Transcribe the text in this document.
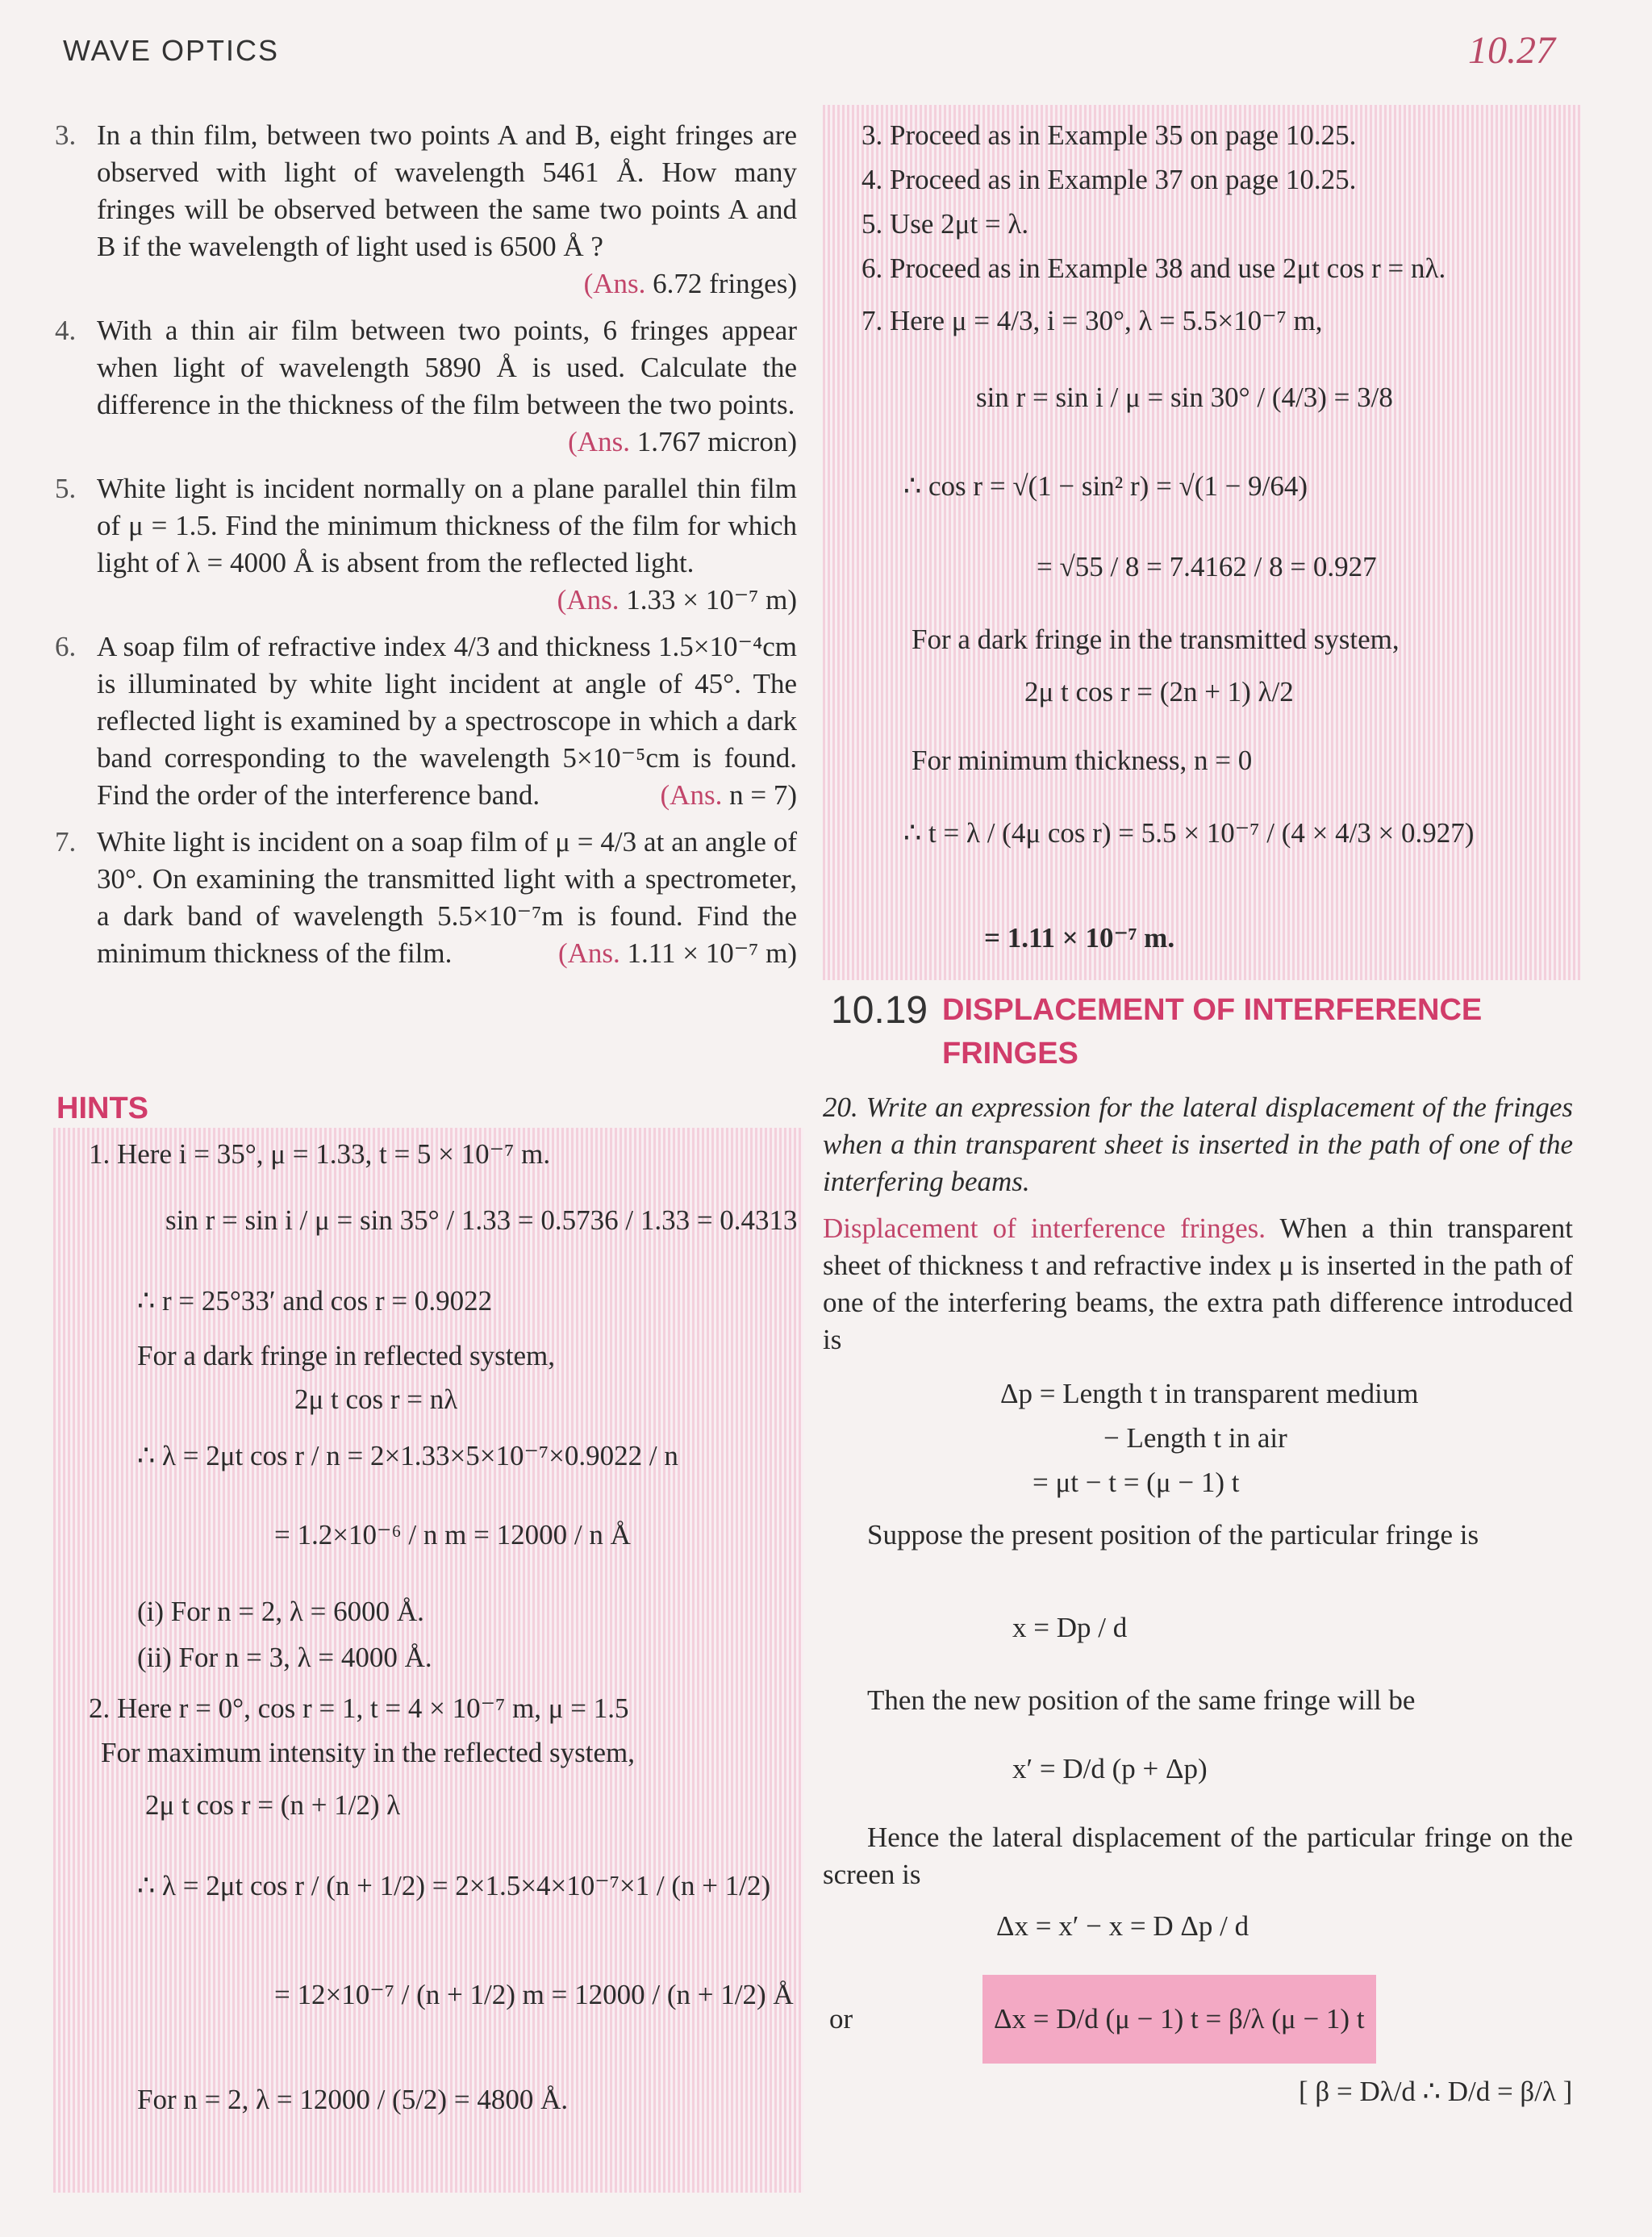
WAVE OPTICS	10.27
3. In a thin film, between two points A and B, eight fringes are observed with light of wavelength 5461 Å. How many fringes will be observed between the same two points A and B if the wavelength of light used is 6500 Å ?
(Ans. 6.72 fringes)
4. With a thin air film between two points, 6 fringes appear when light of wavelength 5890 Å is used. Calculate the difference in the thickness of the film between the two points.
(Ans. 1.767 micron)
5. White light is incident normally on a plane parallel thin film of μ = 1.5. Find the minimum thickness of the film for which light of λ = 4000 Å is absent from the reflected light.
(Ans. 1.33 × 10⁻⁷ m)
6. A soap film of refractive index 4/3 and thickness 1.5×10⁻⁴cm is illuminated by white light incident at angle of 45°. The reflected light is examined by a spectroscope in which a dark band corresponding to the wavelength 5×10⁻⁵cm is found. Find the order of the interference band.	(Ans. n = 7)
7. White light is incident on a soap film of μ = 4/3 at an angle of 30°. On examining the transmitted light with a spectrometer, a dark band of wavelength 5.5×10⁻⁷m is found. Find the minimum thickness of the film.	(Ans. 1.11 × 10⁻⁷ m)
HINTS
1. Here i = 35°, μ = 1.33, t = 5 × 10⁻⁷ m.
sin r = sin i / μ = sin 35° / 1.33 = 0.5736 / 1.33 = 0.4313
∴ r = 25°33′ and cos r = 0.9022
For a dark fringe in reflected system,
2μ t cos r = nλ
∴ λ = 2μt cos r / n = 2×1.33×5×10⁻⁷×0.9022 / n
= 1.2×10⁻⁶ / n m = 12000 / n Å
(i) For n = 2, λ = 6000 Å.
(ii) For n = 3, λ = 4000 Å.
2. Here r = 0°, cos r = 1, t = 4 × 10⁻⁷ m, μ = 1.5
For maximum intensity in the reflected system,
2μ t cos r = (n + 1/2) λ
∴ λ = 2μt cos r / (n + 1/2) = 2×1.5×4×10⁻⁷×1 / (n + 1/2)
= 12×10⁻⁷ / (n + 1/2) m = 12000 / (n + 1/2) Å
For n = 2, λ = 12000 / (5/2) = 4800 Å.
3. Proceed as in Example 35 on page 10.25.
4. Proceed as in Example 37 on page 10.25.
5. Use 2μt = λ.
6. Proceed as in Example 38 and use 2μt cos r = nλ.
7. Here μ = 4/3, i = 30°, λ = 5.5×10⁻⁷ m,
sin r = sin i / μ = sin 30° / (4/3) = 3/8
∴ cos r = √(1 − sin² r) = √(1 − 9/64)
= √55 / 8 = 7.4162 / 8 = 0.927
For a dark fringe in the transmitted system,
2μ t cos r = (2n + 1) λ/2
For minimum thickness, n = 0
∴ t = λ / (4μ cos r) = 5.5 × 10⁻⁷ / (4 × 4/3 × 0.927)
= 1.11 × 10⁻⁷ m.
10.19 DISPLACEMENT OF INTERFERENCE FRINGES
20. Write an expression for the lateral displacement of the fringes when a thin transparent sheet is inserted in the path of one of the interfering beams.
Displacement of interference fringes. When a thin transparent sheet of thickness t and refractive index μ is inserted in the path of one of the interfering beams, the extra path difference introduced is
Δp = Length t in transparent medium
− Length t in air
= μt − t = (μ − 1) t
Suppose the present position of the particular fringe is
x = Dp / d
Then the new position of the same fringe will be
x′ = D/d (p + Δp)
Hence the lateral displacement of the particular fringe on the screen is
Δx = x′ − x = D Δp / d
or	Δx = D/d (μ − 1) t = β/λ (μ − 1) t
[ β = Dλ/d ∴ D/d = β/λ ]
